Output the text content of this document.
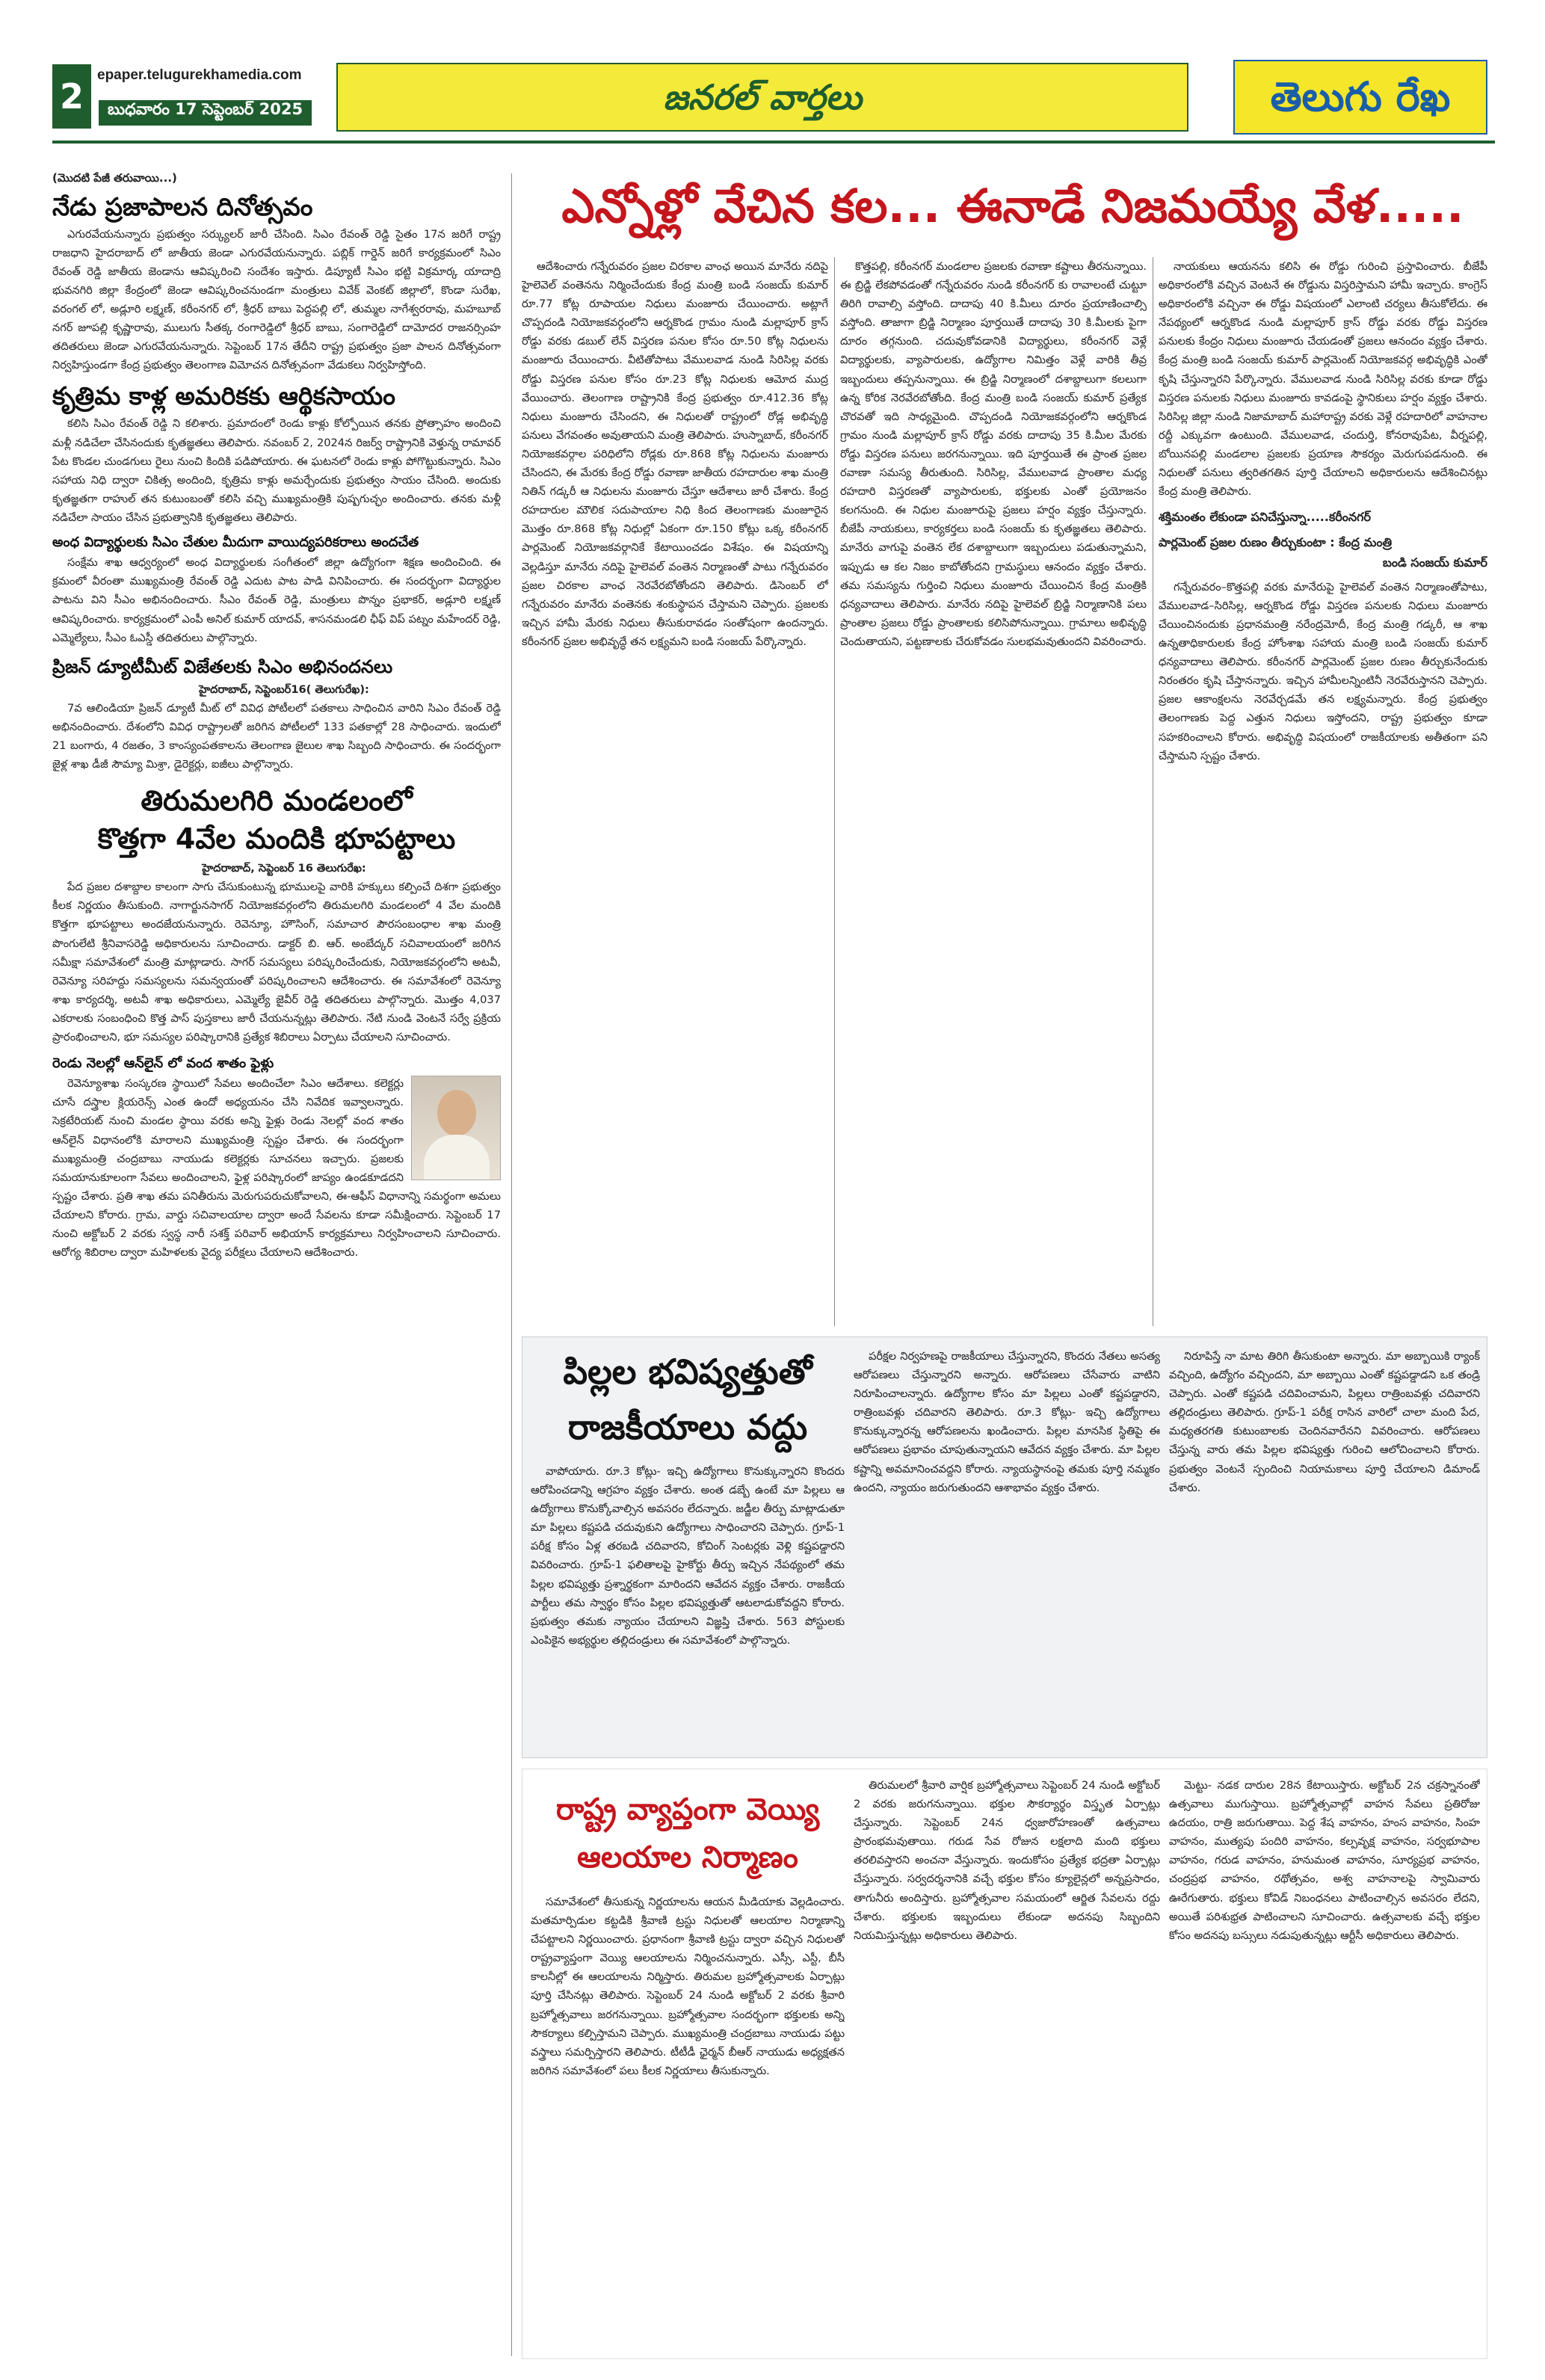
2
epaper.telugurekhamedia.com
బుధవారం 17 సెప్టెంబర్ 2025	జనరల్ వార్తలు	తెలుగు రేఖ
(మొదటి పేజీ తరువాయి...)
నేడు ప్రజాపాలన దినోత్సవం

ఎగురవేయనున్నారు ప్రభుత్వం సర్క్యులర్ జారీ చేసింది. సిఎం రేవంత్ రెడ్డి సైతం 17న జరిగే రాష్ట్ర రాజధాని హైదరాబాద్ లో జాతీయ జెండా ఎగురవేయనున్నారు. పబ్లిక్ గార్డెన్ జరిగే కార్యక్రమంలో సిఎం రేవంత్ రెడ్డి జాతీయ జెండాను ఆవిష్కరించి సందేశం ఇస్తారు. డిప్యూటీ సిఎం భట్టి విక్రమార్క యాదాద్రి భువనగిరి జిల్లా కేంద్రంలో జెండా ఆవిష్కరించనుండగా మంత్రులు వివేక్ వెంకట్ జిల్లాలో, కొండా సురేఖ, వరంగల్ లో, అడ్లూరి లక్ష్మణ్, కరీంనగర్ లో, శ్రీధర్ బాబు పెద్దపల్లి లో, తుమ్మల నాగేశ్వరరావు, మహబూబ్ నగర్ జూపల్లి కృష్ణారావు, ములుగు సీతక్క రంగారెడ్డిలో శ్రీధర్ బాబు, సంగారెడ్డిలో దామోదర రాజనర్సింహ తదితరులు జెండా ఎగురవేయనున్నారు. సెప్టెంబర్ 17న తేదీని రాష్ట్ర ప్రభుత్వం ప్రజా పాలన దినోత్సవంగా నిర్వహిస్తుండగా కేంద్ర ప్రభుత్వం తెలంగాణ విమోచన దినోత్సవంగా వేడుకలు నిర్వహిస్తోంది.

కృత్రిమ కాళ్ల అమరికకు ఆర్థికసాయం

కలిసి సిఎం రేవంత్ రెడ్డి ని కలిశారు. ప్రమాదంలో రెండు కాళ్లు కోల్పోయిన తనకు ప్రోత్సాహం అందించి మళ్లీ నడిచేలా చేసినందుకు కృతజ్ఞతలు తెలిపారు. నవంబర్ 2, 2024న రిజర్వ్ రాష్ట్రానికి వెళ్తున్న రామావర్ పేట కొండల చుండగులు రైలు నుంచి కిందికి పడిపోయారు. ఈ ఘటనలో రెండు కాళ్లు పోగొట్టుకున్నారు. సిఎం సహాయ నిధి ద్వారా చికిత్స అందింది, కృత్రిమ కాళ్లు అమర్చేందుకు ప్రభుత్వం సాయం చేసింది. అందుకు కృతజ్ఞతగా రాహుల్ తన కుటుంబంతో కలిసి వచ్చి ముఖ్యమంత్రికి పుష్పగుచ్ఛం అందించారు. తనకు మళ్లీ నడిచేలా సాయం చేసిన ప్రభుత్వానికి కృతజ్ఞతలు తెలిపారు.

అంధ విద్యార్థులకు సిఎం చేతుల మీదుగా వాయిద్యపరికరాలు అందచేత

సంక్షేమ శాఖ ఆధ్వర్యంలో అంధ విద్యార్థులకు సంగీతంలో జిల్లా ఉద్యోగంగా శిక్షణ అందించింది. ఈ క్రమంలో వీరంతా ముఖ్యమంత్రి రేవంత్ రెడ్డి ఎదుట పాట పాడి వినిపించారు. ఈ సందర్భంగా విద్యార్థుల పాటను విని సీఎం అభినందించారు. సీఎం రేవంత్ రెడ్డి, మంత్రులు పొన్నం ప్రభాకర్, అడ్లూరి లక్ష్మణ్ ఆవిష్కరించారు. కార్యక్రమంలో ఎంపీ అనిల్ కుమార్ యాదవ్, శాసనమండలి ఛీఫ్ విప్ పట్నం మహేందర్ రెడ్డి, ఎమ్మెల్యేలు, సీఎం ఓఎస్డీ తదితరులు పాల్గొన్నారు.

ప్రిజన్ డ్యూటీమీట్ విజేతలకు సిఎం అభినందనలు

హైదరాబాద్, సెప్టెంబర్16( తెలుగురేఖ):

7వ ఆలిండియా ప్రిజన్ డ్యూటీ మీట్ లో వివిధ పోటీలలో పతకాలు సాధించిన వారిని సిఎం రేవంత్ రెడ్డి అభినందించారు. దేశంలోని వివిధ రాష్ట్రాలతో జరిగిన పోటీలలో 133 పతకాల్లో 28 సాధించారు. ఇందులో 21 బంగారు, 4 రజతం, 3 కాంస్యంపతకాలను తెలంగాణ జైలుల శాఖ సిబ్బంది సాధించారు. ఈ సందర్భంగా జైళ్ల శాఖ డీజీ సౌమ్యా మిశ్రా, డైరెక్టర్లు, ఐజీలు పాల్గొన్నారు.

తిరుమలగిరి మండలంలో
కొత్తగా 4వేల మందికి భూపట్టాలు

హైదరాబాద్, సెప్టెంబర్ 16 తెలుగురేఖ:

పేద ప్రజల దశాబ్దాల కాలంగా సాగు చేసుకుంటున్న భూములపై వారికి హక్కులు కల్పించే దిశగా ప్రభుత్వం కీలక నిర్ణయం తీసుకుంది. నాగార్జునసాగర్ నియోజకవర్గంలోని తిరుమలగిరి మండలంలో 4 వేల మందికి కొత్తగా భూపట్టాలు అందజేయనున్నారు. రెవెన్యూ, హౌసింగ్, సమాచార పౌరసంబంధాల శాఖ మంత్రి పొంగులేటి శ్రీనివాసరెడ్డి అధికారులను సూచించారు. డాక్టర్ బి. ఆర్. అంబేద్కర్ సచివాలయంలో జరిగిన సమీక్షా సమావేశంలో మంత్రి మాట్లాడారు. సాగర్ సమస్యలు పరిష్కరించేందుకు, నియోజకవర్గంలోని అటవీ, రెవెన్యూ సరిహద్దు సమస్యలను సమన్వయంతో పరిష్కరించాలని ఆదేశించారు. ఈ సమావేశంలో రెవెన్యూ శాఖ కార్యదర్శి, అటవీ శాఖ అధికారులు, ఎమ్మెల్యే జైవీర్ రెడ్డి తదితరులు పాల్గొన్నారు. మొత్తం 4,037 ఎకరాలకు సంబంధించి కొత్త పాస్ పుస్తకాలు జారీ చేయనున్నట్లు తెలిపారు. నేటి నుండి వెంటనే సర్వే ప్రక్రియ ప్రారంభించాలని, భూ సమస్యల పరిష్కారానికి ప్రత్యేక శిబిరాలు ఏర్పాటు చేయాలని సూచించారు.

రెండు నెలల్లో ఆన్‌లైన్ లో వంద శాతం ఫైళ్లు

రెవెన్యూశాఖ సంస్కరణ స్థాయిలో సేవలు అందించేలా సిఎం ఆదేశాలు. కలెక్టర్లు చూసే దస్త్రాల క్లియరెన్స్ ఎంత ఉందో అధ్యయనం చేసి నివేదిక ఇవ్వాలన్నారు. సెక్రటేరియట్ నుంచి మండల స్థాయి వరకు అన్ని ఫైళ్లు రెండు నెలల్లో వంద శాతం ఆన్‌లైన్ విధానంలోకి మారాలని ముఖ్యమంత్రి స్పష్టం చేశారు. ఈ సందర్భంగా ముఖ్యమంత్రి చంద్రబాబు నాయుడు కలెక్టర్లకు సూచనలు ఇచ్చారు. ప్రజలకు సమయానుకూలంగా సేవలు అందించాలని, ఫైళ్ల పరిష్కారంలో జాప్యం ఉండకూడదని స్పష్టం చేశారు. ప్రతి శాఖ తమ పనితీరును మెరుగుపరుచుకోవాలని, ఈ-ఆఫీస్ విధానాన్ని సమర్థంగా అమలు చేయాలని కోరారు. గ్రామ, వార్డు సచివాలయాల ద్వారా అందే సేవలను కూడా సమీక్షించారు. సెప్టెంబర్ 17 నుంచి అక్టోబర్ 2 వరకు స్వస్థ నారీ సశక్త్ పరివార్ అభియాన్ కార్యక్రమాలు నిర్వహించాలని సూచించారు. ఆరోగ్య శిబిరాల ద్వారా మహిళలకు వైద్య పరీక్షలు చేయాలని ఆదేశించారు.

ఎన్నోళ్లో వేచిన కల... ఈనాడే నిజమయ్యే వేళ.....

ఆదేశించారు గన్నేరువరం ప్రజల చిరకాల వాంఛ అయిన మానేరు నదిపై హైలెవెల్ వంతెనను నిర్మించేందుకు కేంద్ర మంత్రి బండి సంజయ్ కుమార్ రూ.77 కోట్ల రూపాయల నిధులు మంజూరు చేయించారు. అట్లాగే చొప్పదండి నియోజకవర్గంలోని ఆర్నకొండ గ్రామం నుండి మల్లాపూర్ క్రాస్ రోడ్డు వరకు డబుల్ లేన్ విస్తరణ పనుల కోసం రూ.50 కోట్ల నిధులను మంజూరు చేయించారు. వీటితోపాటు వేములవాడ నుండి సిరిసిల్ల వరకు రోడ్డు విస్తరణ పనుల కోసం రూ.23 కోట్ల నిధులకు ఆమోద ముద్ర వేయించారు. తెలంగాణ రాష్ట్రానికి కేంద్ర ప్రభుత్వం రూ.412.36 కోట్ల నిధులు మంజూరు చేసిందని, ఈ నిధులతో రాష్ట్రంలో రోడ్ల అభివృద్ధి పనులు వేగవంతం అవుతాయని మంత్రి తెలిపారు. హుస్నాబాద్, కరీంనగర్ నియోజకవర్గాల పరిధిలోని రోడ్లకు రూ.868 కోట్ల నిధులను మంజూరు చేసిందని, ఈ మేరకు కేంద్ర రోడ్డు రవాణా జాతీయ రహదారుల శాఖ మంత్రి నితిన్ గడ్కరీ ఆ నిధులను మంజూరు చేస్తూ ఆదేశాలు జారీ చేశారు. కేంద్ర రహదారుల మౌలిక సదుపాయాల నిధి కింద తెలంగాణకు మంజూరైన మొత్తం రూ.868 కోట్ల నిధుల్లో ఏకంగా రూ.150 కోట్లు ఒక్క కరీంనగర్ పార్లమెంట్ నియోజకవర్గానికే కేటాయించడం విశేషం. ఈ విషయాన్ని వెల్లడిస్తూ మానేరు నదిపై హైలెవల్ వంతెన నిర్మాణంతో పాటు గన్నేరువరం ప్రజల చిరకాల వాంఛ నెరవేరబోతోందని తెలిపారు. డిసెంబర్ లో గన్నేరువరం మానేరు వంతెనకు శంకుస్థాపన చేస్తామని చెప్పారు. ప్రజలకు ఇచ్చిన హామీ మేరకు నిధులు తీసుకురావడం సంతోషంగా ఉందన్నారు. కరీంనగర్ ప్రజల అభివృద్ధే తన లక్ష్యమని బండి సంజయ్ పేర్కొన్నారు.

కొత్తపల్లి, కరీంనగర్ మండలాల ప్రజలకు రవాణా కష్టాలు తీరనున్నాయి. ఈ బ్రిడ్జి లేకపోవడంతో గన్నేరువరం నుండి కరీంనగర్ కు రావాలంటే చుట్టూ తిరిగి రావాల్సి వస్తోంది. దాదాపు 40 కి.మీలు దూరం ప్రయాణించాల్సి వస్తోంది. తాజాగా బ్రిడ్జి నిర్మాణం పూర్తయితే దాదాపు 30 కి.మీలకు పైగా దూరం తగ్గనుంది. చదువుకోవడానికి విద్యార్థులు, కరీంనగర్ వెళ్లే విద్యార్థులకు, వ్యాపారులకు, ఉద్యోగాల నిమిత్తం వెళ్లే వారికి తీవ్ర ఇబ్బందులు తప్పనున్నాయి. ఈ బ్రిడ్జి నిర్మాణంలో దశాబ్దాలుగా కలలుగా ఉన్న కోరిక నెరవేరబోతోంది. కేంద్ర మంత్రి బండి సంజయ్ కుమార్ ప్రత్యేక చొరవతో ఇది సాధ్యమైంది. చొప్పదండి నియోజకవర్గంలోని ఆర్నకొండ గ్రామం నుండి మల్లాపూర్ క్రాస్ రోడ్డు వరకు దాదాపు 35 కి.మీల మేరకు రోడ్డు విస్తరణ పనులు జరగనున్నాయి. ఇది పూర్తయితే ఈ ప్రాంత ప్రజల రవాణా సమస్య తీరుతుంది. సిరిసిల్ల, వేములవాడ ప్రాంతాల మధ్య రహదారి విస్తరణతో వ్యాపారులకు, భక్తులకు ఎంతో ప్రయోజనం కలగనుంది. ఈ నిధుల మంజూరుపై ప్రజలు హర్షం వ్యక్తం చేస్తున్నారు. బీజేపీ నాయకులు, కార్యకర్తలు బండి సంజయ్ కు కృతజ్ఞతలు తెలిపారు. మానేరు వాగుపై వంతెన లేక దశాబ్దాలుగా ఇబ్బందులు పడుతున్నామని, ఇప్పుడు ఆ కల నిజం కాబోతోందని గ్రామస్థులు ఆనందం వ్యక్తం చేశారు. తమ సమస్యను గుర్తించి నిధులు మంజూరు చేయించిన కేంద్ర మంత్రికి ధన్యవాదాలు తెలిపారు. మానేరు నదిపై హైలెవల్ బ్రిడ్జి నిర్మాణానికి పలు ప్రాంతాల ప్రజలు రోడ్డు ప్రాంతాలకు కలిసిపోనున్నాయి. గ్రామాలు అభివృద్ధి చెందుతాయని, పట్టణాలకు చేరుకోవడం సులభమవుతుందని వివరించారు.

నాయకులు ఆయనను కలిసి ఈ రోడ్డు గురించి ప్రస్తావించారు. బీజేపీ అధికారంలోకి వచ్చిన వెంటనే ఈ రోడ్డును విస్తరిస్తామని హామీ ఇచ్చారు. కాంగ్రెస్ అధికారంలోకి వచ్చినా ఈ రోడ్డు విషయంలో ఎలాంటి చర్యలు తీసుకోలేదు. ఈ నేపథ్యంలో ఆర్నకొండ నుండి మల్లాపూర్ క్రాస్ రోడ్డు వరకు రోడ్డు విస్తరణ పనులకు కేంద్రం నిధులు మంజూరు చేయడంతో ప్రజలు ఆనందం వ్యక్తం చేశారు. కేంద్ర మంత్రి బండి సంజయ్ కుమార్ పార్లమెంట్ నియోజకవర్గ అభివృద్ధికి ఎంతో కృషి చేస్తున్నారని పేర్కొన్నారు. వేములవాడ నుండి సిరిసిల్ల వరకు కూడా రోడ్డు విస్తరణ పనులకు నిధులు మంజూరు కావడంపై స్థానికులు హర్షం వ్యక్తం చేశారు. సిరిసిల్ల జిల్లా నుండి నిజామాబాద్ మహారాష్ట్ర వరకు వెళ్లే రహదారిలో వాహనాల రద్దీ ఎక్కువగా ఉంటుంది. వేములవాడ, చందుర్తి, కోనరావుపేట, వీర్నపల్లి, బోయినపల్లి మండలాల ప్రజలకు ప్రయాణ సౌకర్యం మెరుగుపడనుంది. ఈ నిధులతో పనులు త్వరితగతిన పూర్తి చేయాలని అధికారులను ఆదేశించినట్లు కేంద్ర మంత్రి తెలిపారు.

శక్తిమంతం లేకుండా పనిచేస్తున్నా.....కరీంనగర్
పార్లమెంట్ ప్రజల రుణం తీర్చుకుంటా : కేంద్ర మంత్రి
బండి సంజయ్ కుమార్

గన్నేరువరం–కొత్తపల్లి వరకు మానేరుపై హైలెవల్ వంతెన నిర్మాణంతోపాటు, వేములవాడ–సిరిసిల్ల, ఆర్నకొండ రోడ్డు విస్తరణ పనులకు నిధులు మంజూరు చేయించినందుకు ప్రధానమంత్రి నరేంద్రమోదీ, కేంద్ర మంత్రి గడ్కరీ, ఆ శాఖ ఉన్నతాధికారులకు కేంద్ర హోంశాఖ సహాయ మంత్రి బండి సంజయ్ కుమార్ ధన్యవాదాలు తెలిపారు. కరీంనగర్ పార్లమెంట్ ప్రజల రుణం తీర్చుకునేందుకు నిరంతరం కృషి చేస్తానన్నారు. ఇచ్చిన హామీలన్నింటినీ నెరవేరుస్తానని చెప్పారు. ప్రజల ఆకాంక్షలను నెరవేర్చడమే తన లక్ష్యమన్నారు. కేంద్ర ప్రభుత్వం తెలంగాణకు పెద్ద ఎత్తున నిధులు ఇస్తోందని, రాష్ట్ర ప్రభుత్వం కూడా సహకరించాలని కోరారు. అభివృద్ధి విషయంలో రాజకీయాలకు అతీతంగా పని చేస్తామని స్పష్టం చేశారు.

పిల్లల భవిష్యత్తుతో
రాజకీయాలు వద్దు

వాపోయారు. రూ.3 కోట్లు- ఇచ్చి ఉద్యోగాలు కొనుక్కున్నారని కొందరు ఆరోపించడాన్ని ఆగ్రహం వ్యక్తం చేశారు. అంత డబ్బే ఉంటే మా పిల్లలు ఆ ఉద్యోగాలు కొనుక్కోవాల్సిన అవసరం లేదన్నారు. జడ్జీల తీర్పు మాట్లాడుతూ మా పిల్లలు కష్టపడి చదువుకుని ఉద్యోగాలు సాధించారని చెప్పారు. గ్రూప్-1 పరీక్ష కోసం ఏళ్ల తరబడి చదివారని, కోచింగ్ సెంటర్లకు వెళ్లి కష్టపడ్డారని వివరించారు. గ్రూప్-1 ఫలితాలపై హైకోర్టు తీర్పు ఇచ్చిన నేపథ్యంలో తమ పిల్లల భవిష్యత్తు ప్రశ్నార్థకంగా మారిందని ఆవేదన వ్యక్తం చేశారు. రాజకీయ పార్టీలు తమ స్వార్థం కోసం పిల్లల భవిష్యత్తుతో ఆటలాడుకోవద్దని కోరారు. ప్రభుత్వం తమకు న్యాయం చేయాలని విజ్ఞప్తి చేశారు. 563 పోస్టులకు ఎంపికైన అభ్యర్థుల తల్లిదండ్రులు ఈ సమావేశంలో పాల్గొన్నారు.

పరీక్షల నిర్వహణపై రాజకీయాలు చేస్తున్నారని, కొందరు నేతలు అసత్య ఆరోపణలు చేస్తున్నారని అన్నారు. ఆరోపణలు చేసేవారు వాటిని నిరూపించాలన్నారు. ఉద్యోగాల కోసం మా పిల్లలు ఎంతో కష్టపడ్డారని, రాత్రింబవళ్లు చదివారని తెలిపారు. రూ.3 కోట్లు- ఇచ్చి ఉద్యోగాలు కొనుక్కున్నారన్న ఆరోపణలను ఖండించారు. పిల్లల మానసిక స్థితిపై ఈ ఆరోపణలు ప్రభావం చూపుతున్నాయని ఆవేదన వ్యక్తం చేశారు. మా పిల్లల కష్టాన్ని అవమానించవద్దని కోరారు. న్యాయస్థానంపై తమకు పూర్తి నమ్మకం ఉందని, న్యాయం జరుగుతుందని ఆశాభావం వ్యక్తం చేశారు.

నిరూపిస్తే నా మాట తిరిగి తీసుకుంటా అన్నారు. మా అబ్బాయికి ర్యాంక్ వచ్చింది, ఉద్యోగం వచ్చిందని, మా అబ్బాయి ఎంతో కష్టపడ్డాడని ఒక తండ్రి చెప్పారు. ఎంతో కష్టపడి చదివించామని, పిల్లలు రాత్రింబవళ్లు చదివారని తల్లిదండ్రులు తెలిపారు. గ్రూప్-1 పరీక్ష రాసిన వారిలో చాలా మంది పేద, మధ్యతరగతి కుటుంబాలకు చెందినవారేనని వివరించారు. ఆరోపణలు చేస్తున్న వారు తమ పిల్లల భవిష్యత్తు గురించి ఆలోచించాలని కోరారు. ప్రభుత్వం వెంటనే స్పందించి నియామకాలు పూర్తి చేయాలని డిమాండ్ చేశారు.

రాష్ట్ర వ్యాప్తంగా వెయ్యి
ఆలయాల నిర్మాణం

సమావేశంలో తీసుకున్న నిర్ణయాలను ఆయన మీడియాకు వెల్లడించారు. మతమార్పిడుల కట్టడికి శ్రీవాణి ట్రస్టు నిధులతో ఆలయాల నిర్మాణాన్ని చేపట్టాలని నిర్ణయించారు. ప్రధానంగా శ్రీవాణి ట్రస్టు ద్వారా వచ్చిన నిధులతో రాష్ట్రవ్యాప్తంగా వెయ్యి ఆలయాలను నిర్మించనున్నారు. ఎస్సీ, ఎస్టీ, బీసీ కాలనీల్లో ఈ ఆలయాలను నిర్మిస్తారు. తిరుమల బ్రహ్మోత్సవాలకు ఏర్పాట్లు పూర్తి చేసినట్లు తెలిపారు. సెప్టెంబర్ 24 నుండి అక్టోబర్ 2 వరకు శ్రీవారి బ్రహ్మోత్సవాలు జరగనున్నాయి. బ్రహ్మోత్సవాల సందర్భంగా భక్తులకు అన్ని సౌకర్యాలు కల్పిస్తామని చెప్పారు. ముఖ్యమంత్రి చంద్రబాబు నాయుడు పట్టు వస్త్రాలు సమర్పిస్తారని తెలిపారు. టీటీడీ ఛైర్మన్ బీఆర్ నాయుడు అధ్యక్షతన జరిగిన సమావేశంలో పలు కీలక నిర్ణయాలు తీసుకున్నారు.

తిరుమలలో శ్రీవారి వార్షిక బ్రహ్మోత్సవాలు సెప్టెంబర్ 24 నుండి అక్టోబర్ 2 వరకు జరుగనున్నాయి. భక్తుల సౌకర్యార్థం విస్తృత ఏర్పాట్లు చేస్తున్నారు. సెప్టెంబర్ 24న ధ్వజారోహణంతో ఉత్సవాలు ప్రారంభమవుతాయి. గరుడ సేవ రోజున లక్షలాది మంది భక్తులు తరలివస్తారని అంచనా వేస్తున్నారు. ఇందుకోసం ప్రత్యేక భద్రతా ఏర్పాట్లు చేస్తున్నారు. సర్వదర్శనానికి వచ్చే భక్తుల కోసం క్యూలైన్లలో అన్నప్రసాదం, తాగునీరు అందిస్తారు. బ్రహ్మోత్సవాల సమయంలో ఆర్జిత సేవలను రద్దు చేశారు. భక్తులకు ఇబ్బందులు లేకుండా అదనపు సిబ్బందిని నియమిస్తున్నట్లు అధికారులు తెలిపారు.

మెట్టు- నడక దారుల 28న కేటాయిస్తారు. అక్టోబర్ 2న చక్రస్నానంతో ఉత్సవాలు ముగుస్తాయి. బ్రహ్మోత్సవాల్లో వాహన సేవలు ప్రతిరోజు ఉదయం, రాత్రి జరుగుతాయి. పెద్ద శేష వాహనం, హంస వాహనం, సింహ వాహనం, ముత్యపు పందిరి వాహనం, కల్పవృక్ష వాహనం, సర్వభూపాల వాహనం, గరుడ వాహనం, హనుమంత వాహనం, సూర్యప్రభ వాహనం, చంద్రప్రభ వాహనం, రథోత్సవం, అశ్వ వాహనాలపై స్వామివారు ఊరేగుతారు. భక్తులు కోవిడ్ నిబంధనలు పాటించాల్సిన అవసరం లేదని, అయితే పరిశుభ్రత పాటించాలని సూచించారు. ఉత్సవాలకు వచ్చే భక్తుల కోసం అదనపు బస్సులు నడుపుతున్నట్లు ఆర్టీసీ అధికారులు తెలిపారు.
